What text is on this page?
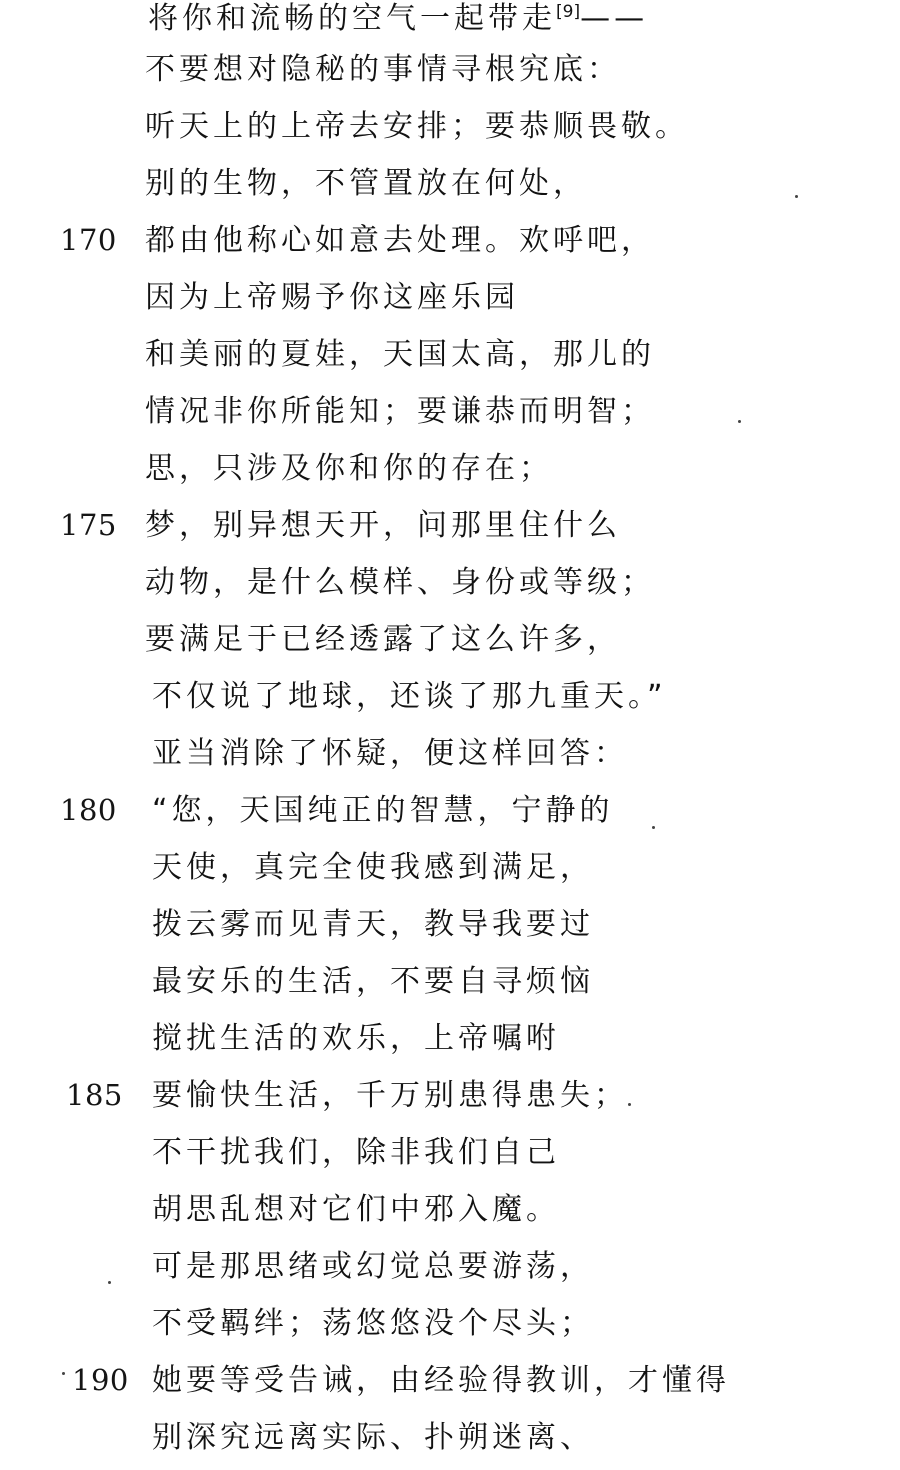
将你和流畅的空气一起带走[9]——
不要想对隐秘的事情寻根究底：
听天上的上帝去安排；要恭顺畏敬。
别的生物，不管置放在何处，
170 都由他称心如意去处理。欢呼吧，
因为上帝赐予你这座乐园
和美丽的夏娃，天国太高，那儿的
情况非你所能知；要谦恭而明智；
思，只涉及你和你的存在；
175 梦，别异想天开，问那里住什么
动物，是什么模样、身份或等级；
要满足于已经透露了这么许多，
不仅说了地球，还谈了那九重天。”
亚当消除了怀疑，便这样回答：
180	“您，天国纯正的智慧，宁静的
天使，真完全使我感到满足，
拨云雾而见青天，教导我要过
最安乐的生活，不要自寻烦恼
搅扰生活的欢乐，上帝嘱咐
185 要愉快生活，千万别患得患失；
不干扰我们，除非我们自己
胡思乱想对它们中邪入魔。
可是那思绪或幻觉总要游荡，
不受羁绊；荡悠悠没个尽头；
190 她要等受告诫，由经验得教训，才懂得
别深究远离实际、扑朔迷离、
